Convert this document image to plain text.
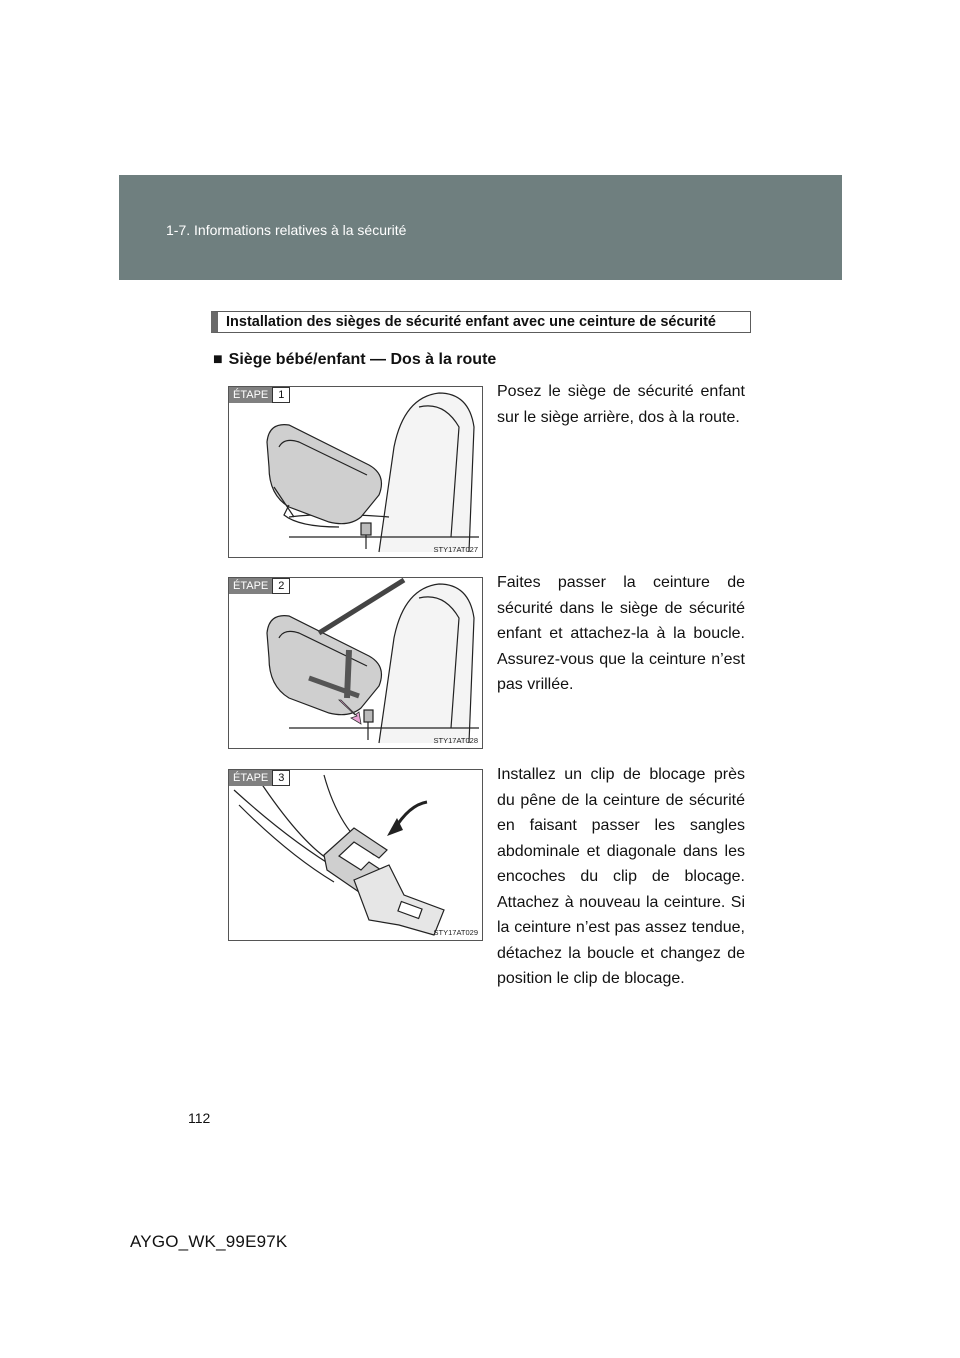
1-7. Informations relatives à la sécurité
Installation des sièges de sécurité enfant avec une ceinture de sécurité
■ Siège bébé/enfant — Dos à la route
ÉTAPE 1
STY17AT027
Posez le siège de sécurité enfant sur le siège arrière, dos à la route.
ÉTAPE 2
STY17AT028
Faites passer la ceinture de sécurité dans le siège de sécurité enfant et attachez-la à la boucle. Assurez-vous que la ceinture n’est pas vrillée.
ÉTAPE 3
STY17AT029
Installez un clip de blocage près du pêne de la ceinture de sécurité en faisant passer les sangles abdominale et diagonale dans les encoches du clip de blocage. Attachez à nouveau la ceinture. Si la ceinture n’est pas assez tendue, détachez la boucle et changez de position le clip de blocage.
112
AYGO_WK_99E97K
